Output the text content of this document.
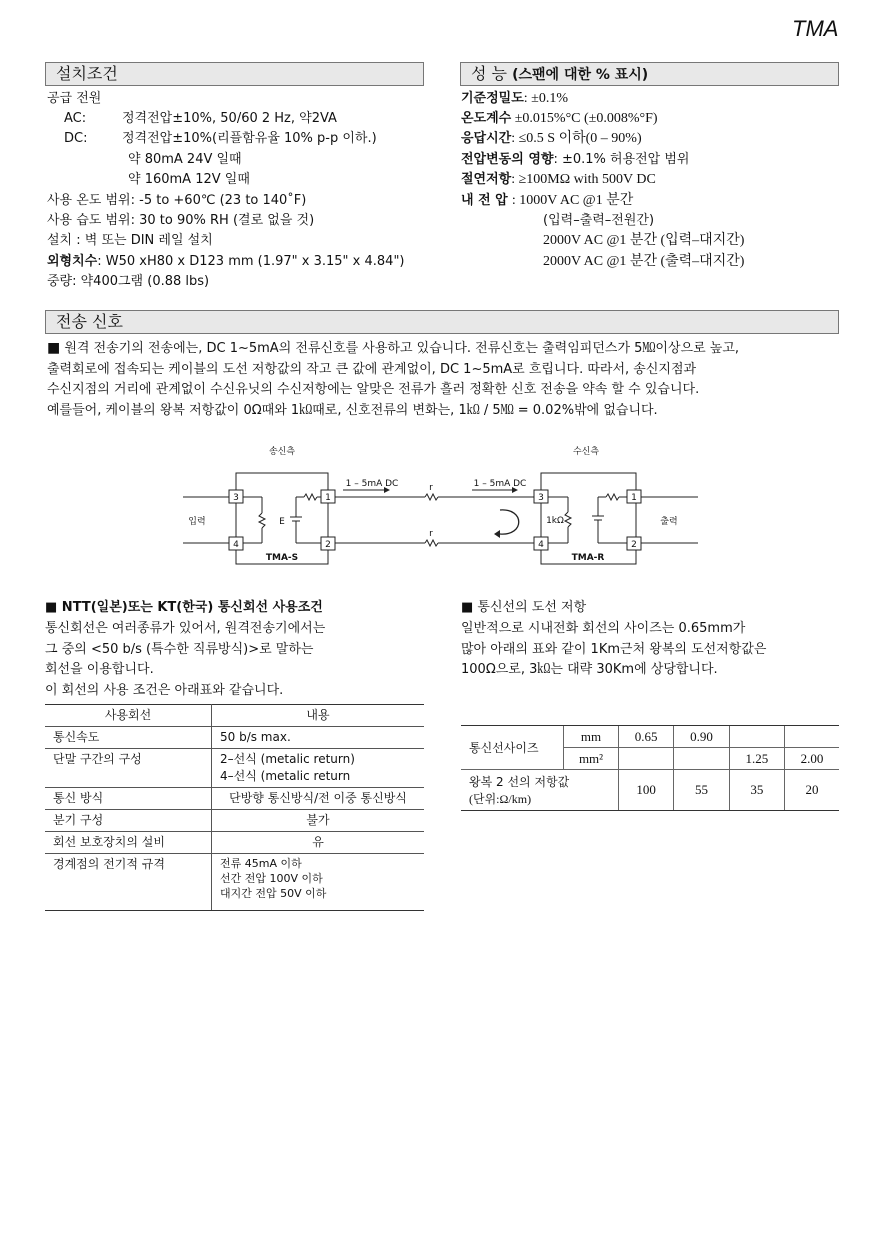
TMA
설치조건
공급 전원
AC:	정격전압±10%, 50/60 2 Hz, 약2VA
DC:	정격전압±10%(리플함유율 10% p-p 이하.)
약 80mA 24V 일때
약 160mA 12V 일때
사용 온도 범위: -5 to +60℃ (23 to 140˚F)
사용 습도 범위: 30 to 90% RH (결로 없을 것)
설치 : 벽 또는 DIN 레일 설치
외형치수: W50 xH80 x D123 mm (1.97" x 3.15" x 4.84")
중량: 약400그램 (0.88 lbs)
성 능 (스팬에 대한 % 표시)
기준정밀도: ±0.1%
온도계수 ±0.015%°C (±0.008%°F)
응답시간: ≤0.5 S 이하(0 – 90%)
전압변동의 영향: ±0.1% 허용전압 범위
절연저항: ≥100MΩ with 500V DC
내 전 압 : 1000V AC @1 분간
(입력–출력–전원간)
2000V AC @1 분간 (입력–대지간)
2000V AC @1 분간 (출력–대지간)
전송 신호

■ 원격 전송기의 전송에는, DC 1~5mA의 전류신호를 사용하고 있습니다. 전류신호는 출력임피던스가 5㏁이상으로 높고,

출력회로에 접속되는 케이블의 도선 저항값의 작고 큰 값에 관계없이, DC 1~5mA로 흐립니다. 따라서, 송신지점과

수신지점의 거리에 관계없이 수신유닛의 수신저항에는 알맞은 전류가 흘러 정확한 신호 전송을 약속 할 수 있습니다.

예를들어, 케이블의 왕복 저항값이 0Ω때와 1㏀때로, 신호전류의 변화는, 1㏀ / 5㏁ = 0.02%밖에 없습니다.

송신측	수신측
1 – 5mA DC	1 – 5mA DC
r
r
입력	출력
E	1kΩ
TMA-S	TMA-R
3	1
4	2
3	1
4	2
■ NTT(일본)또는 KT(한국) 통신회선 사용조건

통신회선은 여러종류가 있어서, 원격전송기에서는

그 중의 <50 b/s (특수한 직류방식)>로 말하는

회선을 이용합니다.

이 회선의 사용 조건은 아래표와 같습니다.

사용회선	내용
통신속도	50 b/s max.
단말 구간의 구성	2–선식 (metalic return)
4–선식 (metalic return

통신 방식	단방향 통신방식/전 이중 통신방식
분기 구성	불가
회선 보호장치의 설비	유
경계점의 전기적 규격	전류 45mA 이하
선간 전압 100V 이하
대지간 전압 50V 이하
■ 통신선의 도선 저항

일반적으로 시내전화 회선의 사이즈는 0.65mm가

많아 아래의 표와 같이 1Km근처 왕복의 도선저항값은

100Ω으로, 3㏀는 대략 30Km에 상당합니다.

통신선사이즈	mm	0.65	0.90		
	mm²			1.25	2.00

왕복 2 선의 저항값
(단위:Ω/km)		100	55	35	20
